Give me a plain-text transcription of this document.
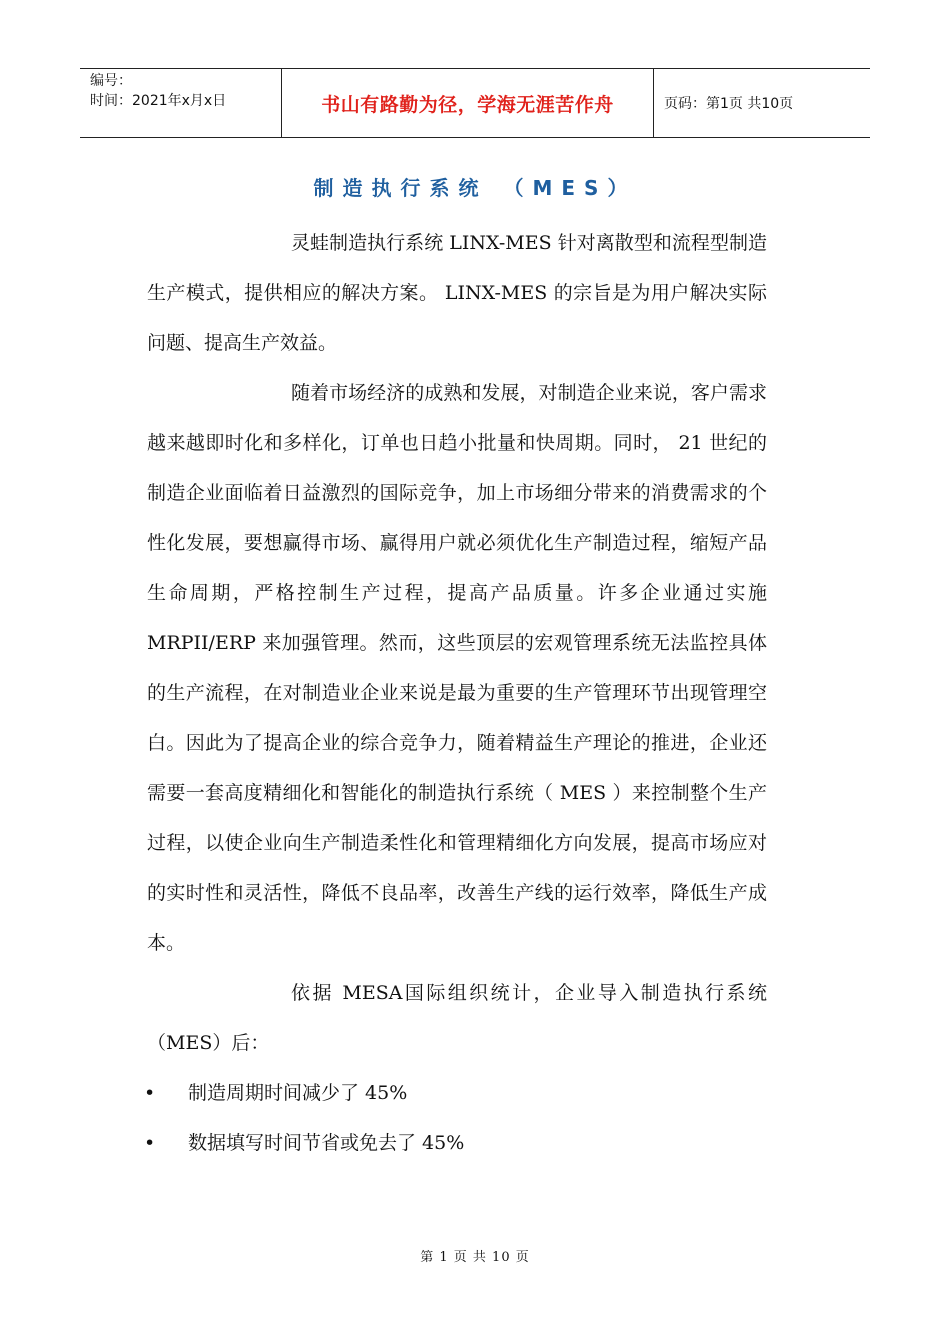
编号：
时间：2021年x月x日	书山有路勤为径，学海无涯苦作舟	页码：第1页 共10页
制造执行系统 （MES）

灵蛙制造执行系统 LINX-MES 针对离散型和流程型制造生产模式，提供相应的解决方案。 LINX-MES 的宗旨是为用户解决实际问题、提高生产效益。

随着市场经济的成熟和发展，对制造企业来说，客户需求越来越即时化和多样化，订单也日趋小批量和快周期。同时， 21 世纪的制造企业面临着日益激烈的国际竞争，加上市场细分带来的消费需求的个性化发展，要想赢得市场、赢得用户就必须优化生产制造过程，缩短产品生命周期，严格控制生产过程，提高产品质量。许多企业通过实施 MRPII/ERP 来加强管理。然而，这些顶层的宏观管理系统无法监控具体的生产流程，在对制造业企业来说是最为重要的生产管理环节出现管理空白。因此为了提高企业的综合竞争力，随着精益生产理论的推进，企业还需要一套高度精细化和智能化的制造执行系统（ MES ）来控制整个生产过程，以使企业向生产制造柔性化和管理精细化方向发展，提高市场应对的实时性和灵活性，降低不良品率，改善生产线的运行效率，降低生产成本。

依据 MESA国际组织统计，企业导入制造执行系统（MES）后：

•	制造周期时间减少了 45%
•	数据填写时间节省或免去了 45%
第 1 页 共 10 页
